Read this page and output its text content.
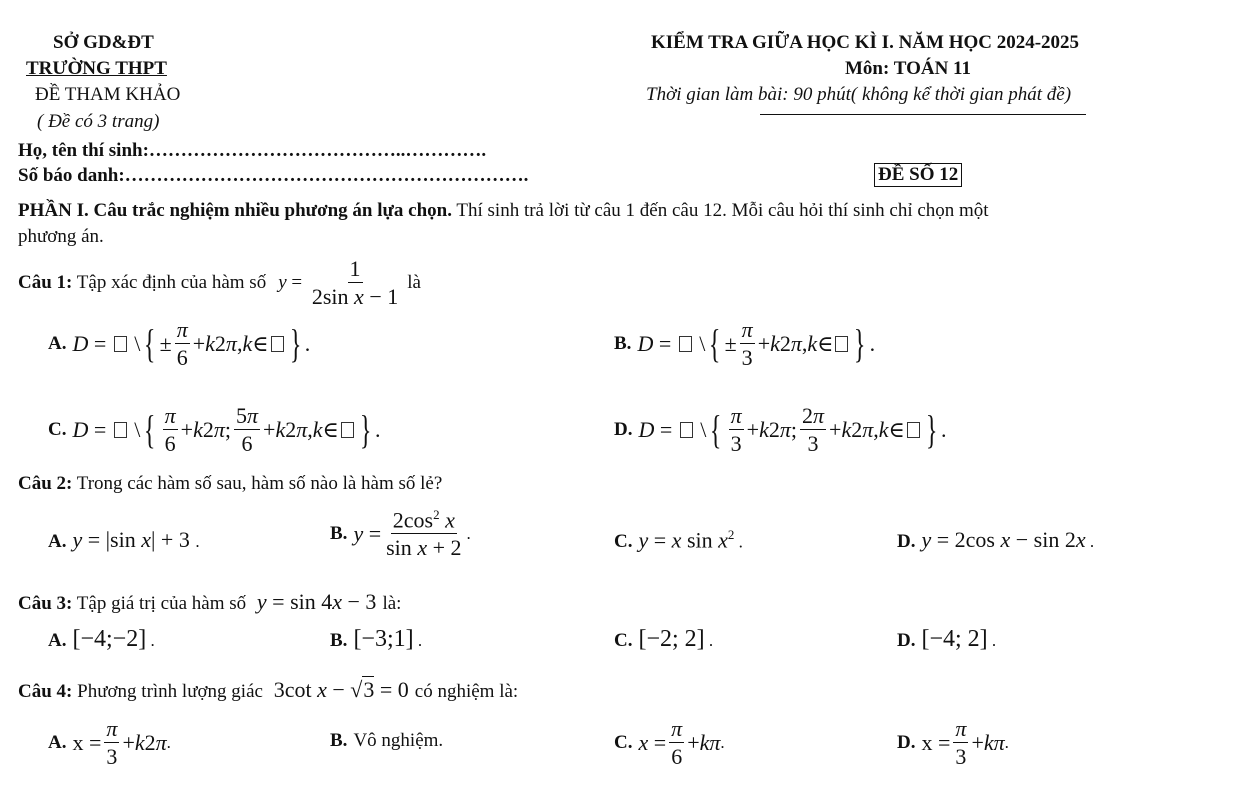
SỞ GD&ĐT
TRƯỜNG THPT
ĐỀ THAM KHẢO
( Đề có 3 trang)
KIỂM TRA GIỮA HỌC KÌ I. NĂM HỌC 2024-2025
Môn: TOÁN 11
Thời gian làm bài: 90 phút( không kể thời gian phát đề)
Họ, tên thí sinh:…………………………………..………….
Số báo danh:……………………………………………………….	ĐỀ SỐ 12
PHẦN I. Câu trắc nghiệm nhiều phương án lựa chọn. Thí sinh trả lời từ câu 1 đến câu 12. Mỗi câu hỏi thí sinh chỉ chọn một
phương án.
Câu 1: Tập xác định của hàm số $y = \frac{1}{\text{2sin x − 1}}$ là
A. D =
\ { ± $\frac{\pi}{6} + k$ 2 π , k ∈ } .	B. D =
\ { ± $\frac{\pi}{3} + k$ 2 π , k ∈ } .
C. D =
\ { $\frac{\pi}{6} + k$ 2 π ; $\frac{5\pi}{6} + k$ 2 π , k ∈ } .	D. D =
\ { $\frac{\pi}{3} + k$ 2 π ; $\frac{2\pi}{3} + k$ 2 π , k ∈ } .
Câu 2: Trong các hàm số sau, hàm số nào là hàm số lẻ?
A. y = |sin x| + 3 .	B. $y = \frac{2\cos^2 x}{\text{sin x + 2}}$ .	C. y = x $\sin x^2$ .	D. y = 2cos x − sin 2x .
Câu 3: Tập giá trị của hàm số y = sin 4x − 3 là:
A. [−4;−2] .	B. [−3;1] .	C. [−2; 2] .	D. [−4; 2] .
Câu 4: Phương trình lượng giác 3cot x − √3 = 0 có nghiệm là:
A. $x = \frac{\pi}{3} + k$ 2 π .	B. Vô nghiệm.	C. $x = \frac{\pi}{6} + k\pi$ .	D. $x = \frac{\pi}{3} + k\pi$ .
